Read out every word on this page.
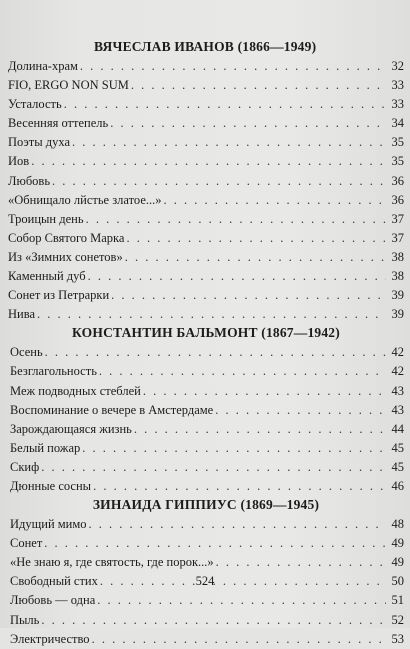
ВЯЧЕСЛАВ ИВАНОВ (1866—1949)
Долина-храм . . .	32
FIO, ERGO NON SUM . . .	33
Усталость . . .	33
Весенняя оттепель . . .	34
Поэты духа . . .	35
Иов . . .	35
Любовь . . .	36
«Обнищало лйстье златое...» . . .	36
Троицын день . . .	37
Собор Святого Марка . . .	37
Из «Зимних сонетов» . . .	38
Каменный дуб . . .	38
Сонет из Петрарки . . .	39
Нива . . .	39
КОНСТАНТИН БАЛЬМОНТ (1867—1942)
Осень . . .	42
Безглагольность . . .	42
Меж подводных стеблей . . .	43
Воспоминание о вечере в Амстердаме . . .	43
Зарождающаяся жизнь . . .	44
Белый пожар . . .	45
Скиф . . .	45
Дюнные сосны . . .	46
ЗИНАИДА ГИППИУС (1869—1945)
Идущий мимо . . .	48
Сонет . . .	49
«Не знаю я, где святость, где порок...» . . .	49
Свободный стих . . .	50
Любовь — одна . . .	51
Пыль . . .	52
Электричество . . .	53
524
